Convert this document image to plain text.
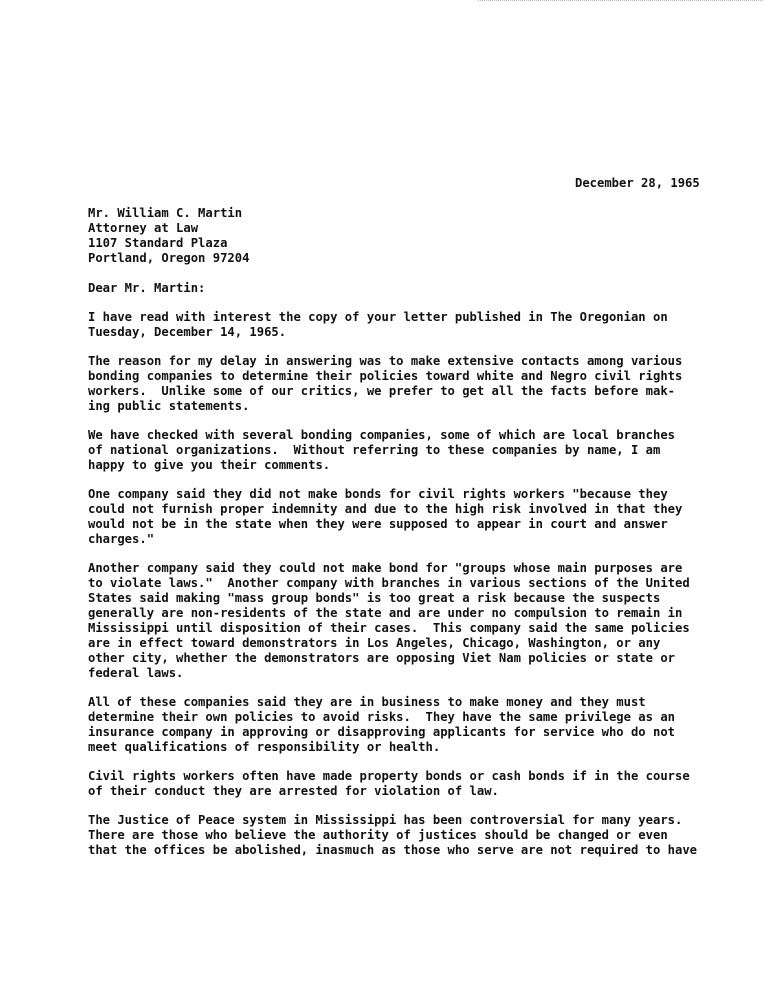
December 28, 1965
Mr. William C. Martin
Attorney at Law
1107 Standard Plaza
Portland, Oregon 97204
Dear Mr. Martin:
I have read with interest the copy of your letter published in The Oregonian on
Tuesday, December 14, 1965.
The reason for my delay in answering was to make extensive contacts among various
bonding companies to determine their policies toward white and Negro civil rights
workers.  Unlike some of our critics, we prefer to get all the facts before mak-
ing public statements.
We have checked with several bonding companies, some of which are local branches
of national organizations.  Without referring to these companies by name, I am
happy to give you their comments.
One company said they did not make bonds for civil rights workers "because they
could not furnish proper indemnity and due to the high risk involved in that they
would not be in the state when they were supposed to appear in court and answer
charges."
Another company said they could not make bond for "groups whose main purposes are
to violate laws."  Another company with branches in various sections of the United
States said making "mass group bonds" is too great a risk because the suspects
generally are non-residents of the state and are under no compulsion to remain in
Mississippi until disposition of their cases.  This company said the same policies
are in effect toward demonstrators in Los Angeles, Chicago, Washington, or any
other city, whether the demonstrators are opposing Viet Nam policies or state or
federal laws.
All of these companies said they are in business to make money and they must
determine their own policies to avoid risks.  They have the same privilege as an
insurance company in approving or disapproving applicants for service who do not
meet qualifications of responsibility or health.
Civil rights workers often have made property bonds or cash bonds if in the course
of their conduct they are arrested for violation of law.
The Justice of Peace system in Mississippi has been controversial for many years.
There are those who believe the authority of justices should be changed or even
that the offices be abolished, inasmuch as those who serve are not required to have
